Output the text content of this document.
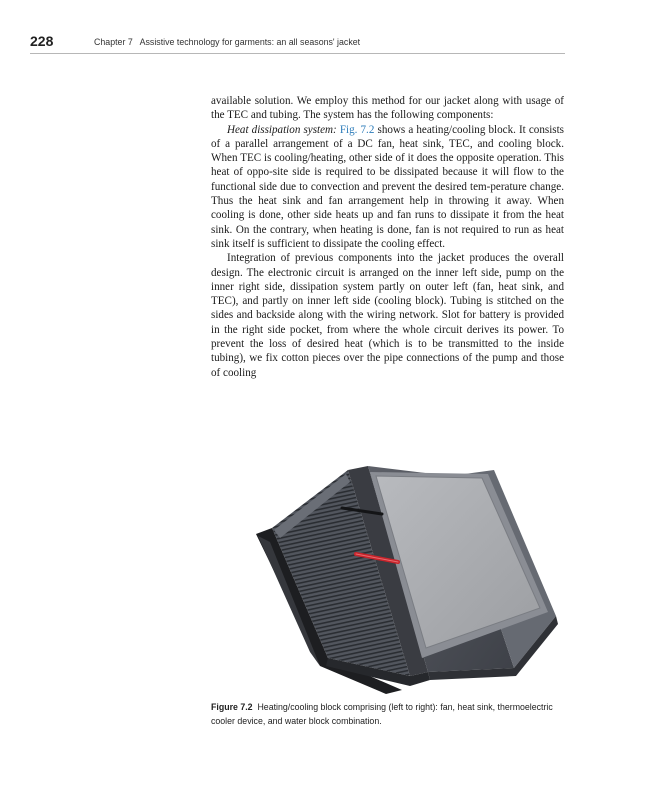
228	Chapter 7   Assistive technology for garments: an all seasons' jacket

available solution. We employ this method for our jacket along with usage of the TEC and tubing. The system has the following components:

Heat dissipation system: Fig. 7.2 shows a heating/cooling block. It consists of a parallel arrangement of a DC fan, heat sink, TEC, and cooling block. When TEC is cooling/heating, other side of it does the opposite operation. This heat of oppo-site side is required to be dissipated because it will flow to the functional side due to convection and prevent the desired tem-perature change. Thus the heat sink and fan arrangement help in throwing it away. When cooling is done, other side heats up and fan runs to dissipate it from the heat sink. On the contrary, when heating is done, fan is not required to run as heat sink itself is sufficient to dissipate the cooling effect.

Integration of previous components into the jacket produces the overall design. The electronic circuit is arranged on the inner left side, pump on the inner right side, dissipation system partly on outer left (fan, heat sink, and TEC), and partly on inner left side (cooling block). Tubing is stitched on the sides and backside along with the wiring network. Slot for battery is provided in the right side pocket, from where the whole circuit derives its power. To prevent the loss of desired heat (which is to be transmitted to the inside tubing), we fix cotton pieces over the pipe connections of the pump and those of cooling

Figure 7.2 Heating/cooling block comprising (left to right): fan, heat sink, thermoelectric cooler device, and water block combination.
